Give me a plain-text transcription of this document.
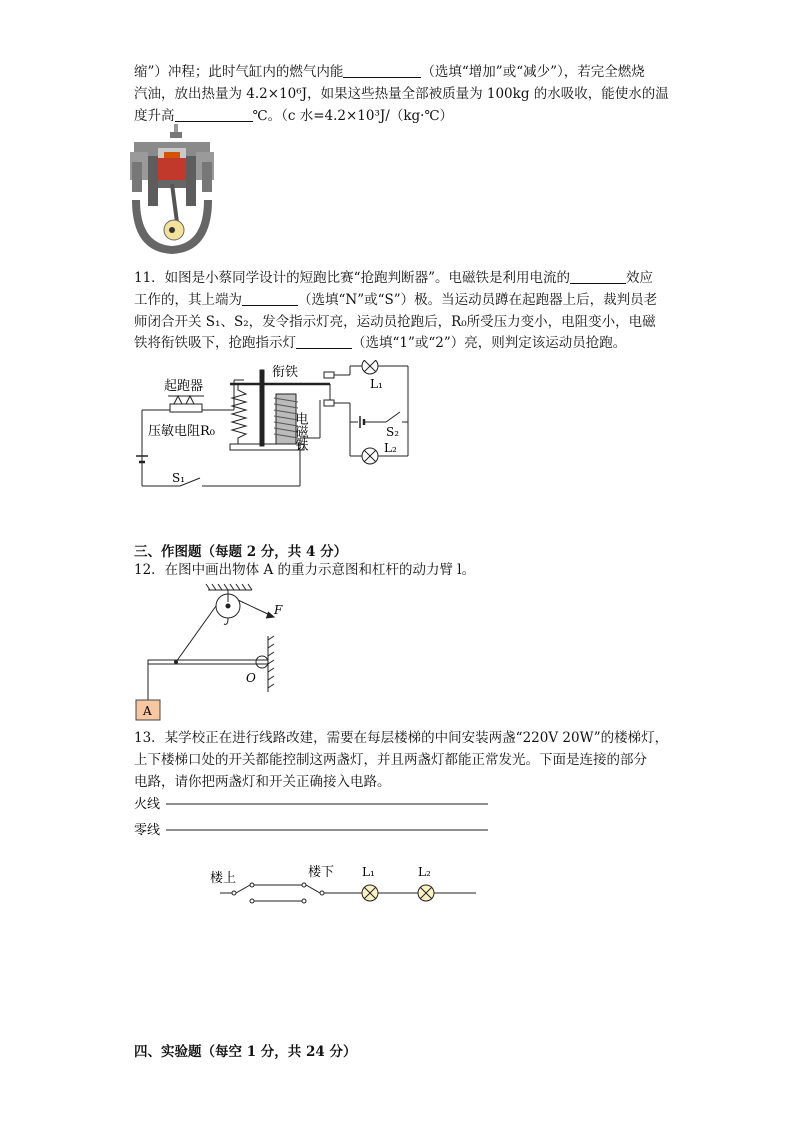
缩”）冲程；此时气缸内的燃气内能	（选填“增加”或“减少”），若完全燃烧
汽油，放出热量为 4.2×10⁶J，如果这些热量全部被质量为 100kg 的水吸收，能使水的温
度升高	℃。（c 水=4.2×10³J/（kg·℃）
11．如图是小蔡同学设计的短跑比赛“抢跑判断器”。电磁铁是利用电流的	效应
工作的，其上端为	（选填“N”或“S”）极。当运动员蹲在起跑器上后，裁判员老
师闭合开关 S₁、S₂，发令指示灯亮，运动员抢跑后，R₀所受压力变小，电阻变小，电磁
铁将衔铁吸下，抢跑指示灯	（选填“1”或“2”）亮，则判定该运动员抢跑。
起跑器
压敏电阻R₀
衔铁
电磁铁
S₁
S₂
L₁
L₂
三、作图题（每题 2 分，共 4 分）
12．在图中画出物体 A 的重力示意图和杠杆的动力臂 l。
A
F
O
13．某学校正在进行线路改建，需要在每层楼梯的中间安装两盏“220V 20W”的楼梯灯，
上下楼梯口处的开关都能控制这两盏灯，并且两盏灯都能正常发光。下面是连接的部分
电路，请你把两盏灯和开关正确接入电路。
火线
零线
楼上	楼下 L₁	L₂
四、实验题（每空 1 分，共 24 分）
